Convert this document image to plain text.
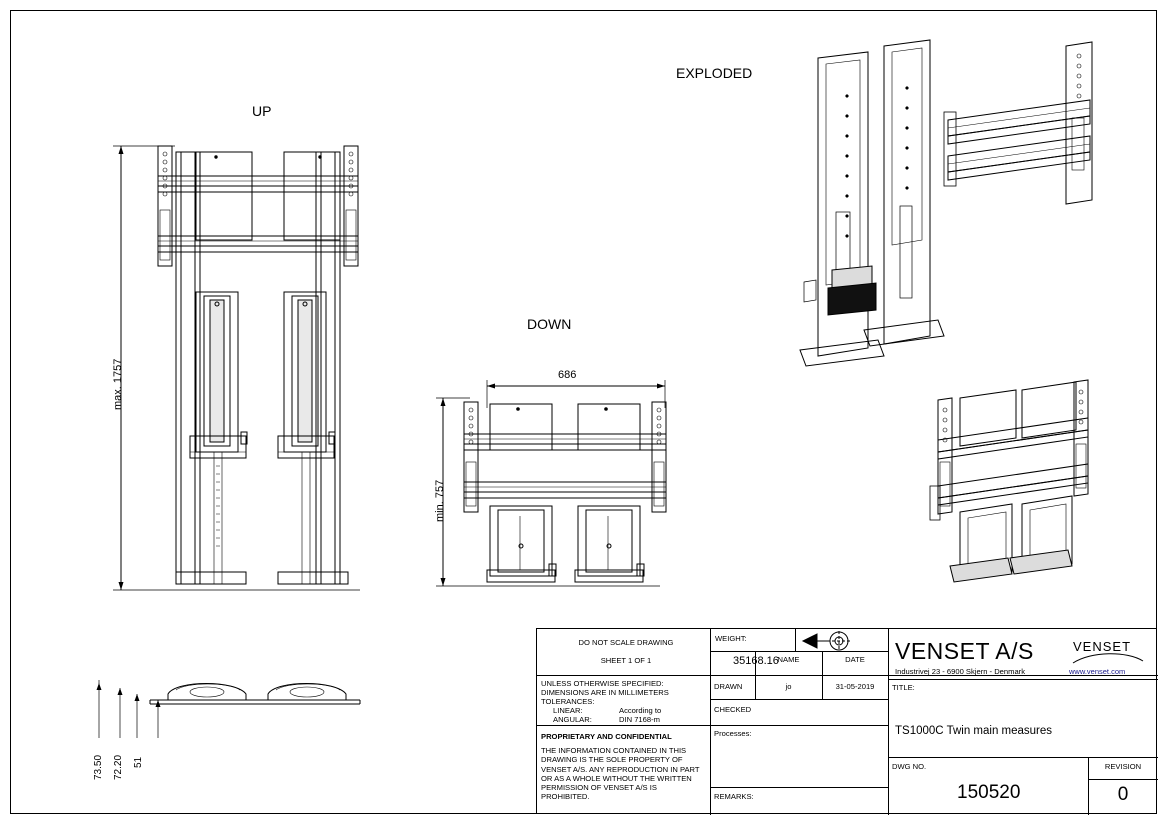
UP
DOWN
EXPLODED
max. 1757	686
min. 757
73.50 72.20 51
DO NOT SCALE DRAWING
SHEET 1 OF 1
UNLESS OTHERWISE SPECIFIED:
DIMENSIONS ARE IN MILLIMETERS
TOLERANCES:
LINEAR:	According to
ANGULAR:	DIN 7168-m
PROPRIETARY AND CONFIDENTIAL
THE INFORMATION CONTAINED IN THIS DRAWING IS THE SOLE PROPERTY OF VENSET A/S. ANY REPRODUCTION IN PART OR AS A WHOLE WITHOUT THE WRITTEN PERMISSION OF VENSET A/S IS PROHIBITED.
WEIGHT:
35168.16
NAME	DATE
DRAWN	jo	31-05-2019
CHECKED
Processes:
REMARKS:
VENSET A/S
Industrivej 23 - 6900 Skjern - Denmark
VENSET
www.venset.com
TITLE:
TS1000C Twin main measures
DWG NO.
150520
REVISION
0
